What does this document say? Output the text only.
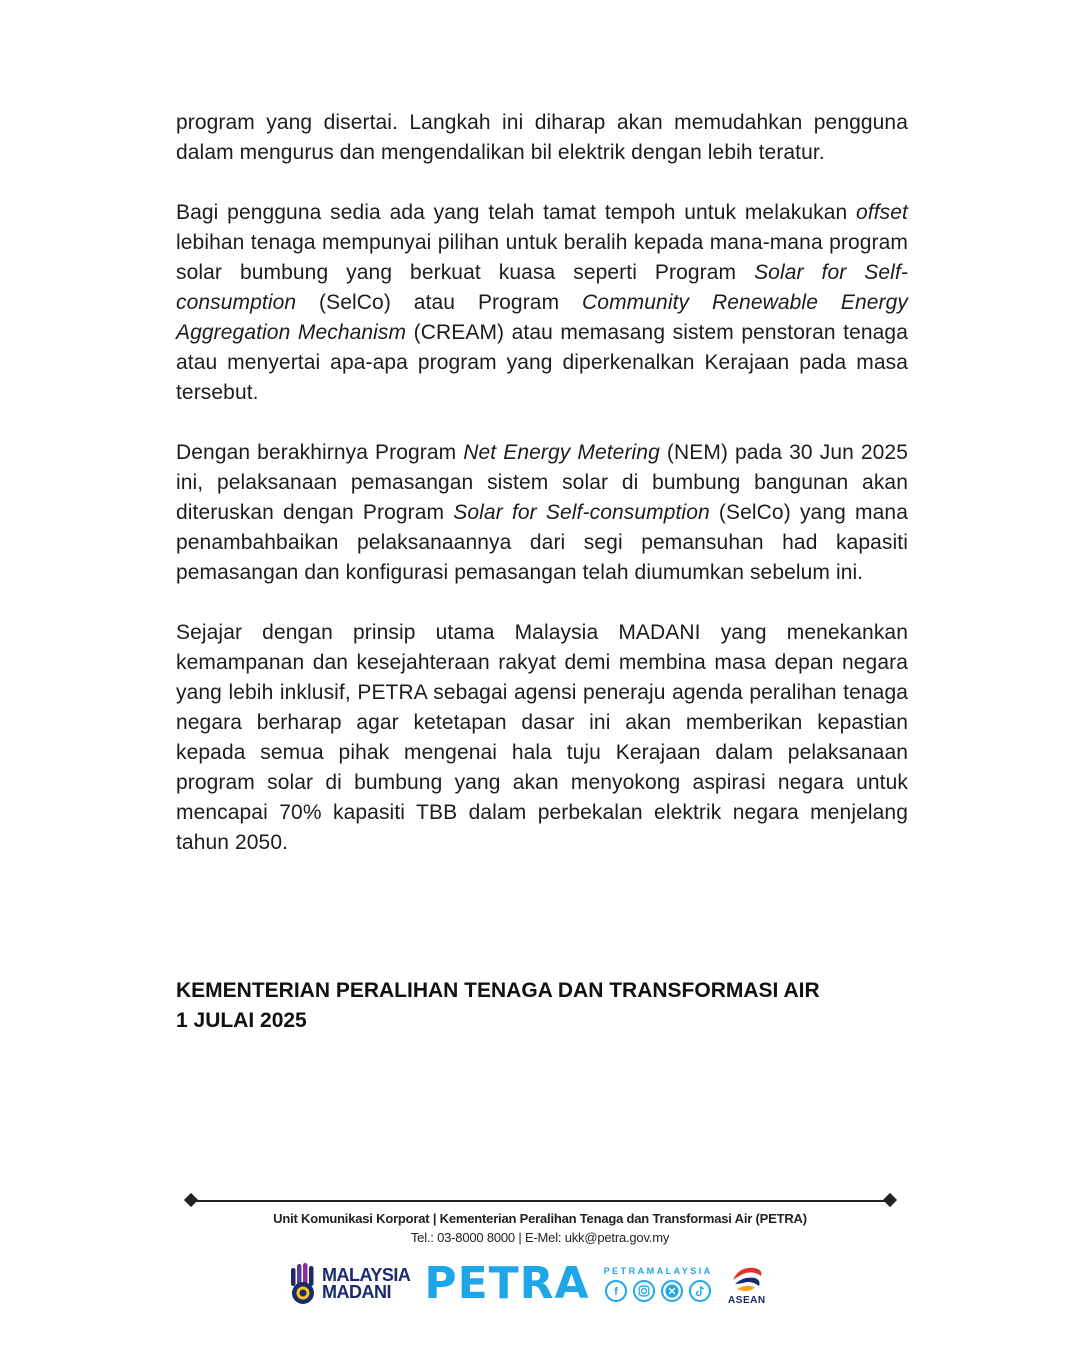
program yang disertai. Langkah ini diharap akan memudahkan pengguna dalam mengurus dan mengendalikan bil elektrik dengan lebih teratur.

Bagi pengguna sedia ada yang telah tamat tempoh untuk melakukan offset lebihan tenaga mempunyai pilihan untuk beralih kepada mana-mana program solar bumbung yang berkuat kuasa seperti Program Solar for Self-consumption (SelCo) atau Program Community Renewable Energy Aggregation Mechanism (CREAM) atau memasang sistem penstoran tenaga atau menyertai apa-apa program yang diperkenalkan Kerajaan pada masa tersebut.

Dengan berakhirnya Program Net Energy Metering (NEM) pada 30 Jun 2025 ini, pelaksanaan pemasangan sistem solar di bumbung bangunan akan diteruskan dengan Program Solar for Self-consumption (SelCo) yang mana penambahbaikan pelaksanaannya dari segi pemansuhan had kapasiti pemasangan dan konfigurasi pemasangan telah diumumkan sebelum ini.

Sejajar dengan prinsip utama Malaysia MADANI yang menekankan kemampanan dan kesejahteraan rakyat demi membina masa depan negara yang lebih inklusif, PETRA sebagai agensi peneraju agenda peralihan tenaga negara berharap agar ketetapan dasar ini akan memberikan kepastian kepada semua pihak mengenai hala tuju Kerajaan dalam pelaksanaan program solar di bumbung yang akan menyokong aspirasi negara untuk mencapai 70% kapasiti TBB dalam perbekalan elektrik negara menjelang tahun 2050.

KEMENTERIAN PERALIHAN TENAGA DAN TRANSFORMASI AIR
1 JULAI 2025
Unit Komunikasi Korporat | Kementerian Peralihan Tenaga dan Transformasi Air (PETRA)
Tel.: 03-8000 8000 | E-Mel: ukk@petra.gov.my
MALAYSIA
MADANI PETRA PETRAMALAYSIA
f
ASEAN
